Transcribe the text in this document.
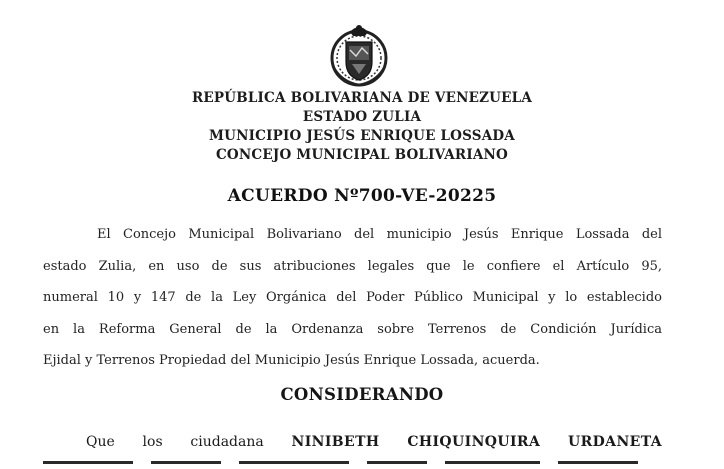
REPÚBLICA BOLIVARIANA DE VENEZUELA
ESTADO ZULIA
MUNICIPIO JESÚS ENRIQUE LOSSADA
CONCEJO MUNICIPAL BOLIVARIANO
ACUERDO Nº700-VE-20225
El Concejo Municipal Bolivariano del municipio Jesús Enrique Lossada del
estado Zulia, en uso de sus atribuciones legales que le confiere el Artículo 95,
numeral 10 y 147 de la Ley Orgánica del Poder Público Municipal y lo establecido
en la Reforma General de la Ordenanza sobre Terrenos de Condición Jurídica
Ejidal y Terrenos Propiedad del Municipio Jesús Enrique Lossada, acuerda.
CONSIDERANDO
Que los ciudadana NINIBETH CHIQUINQUIRA URDANETA
